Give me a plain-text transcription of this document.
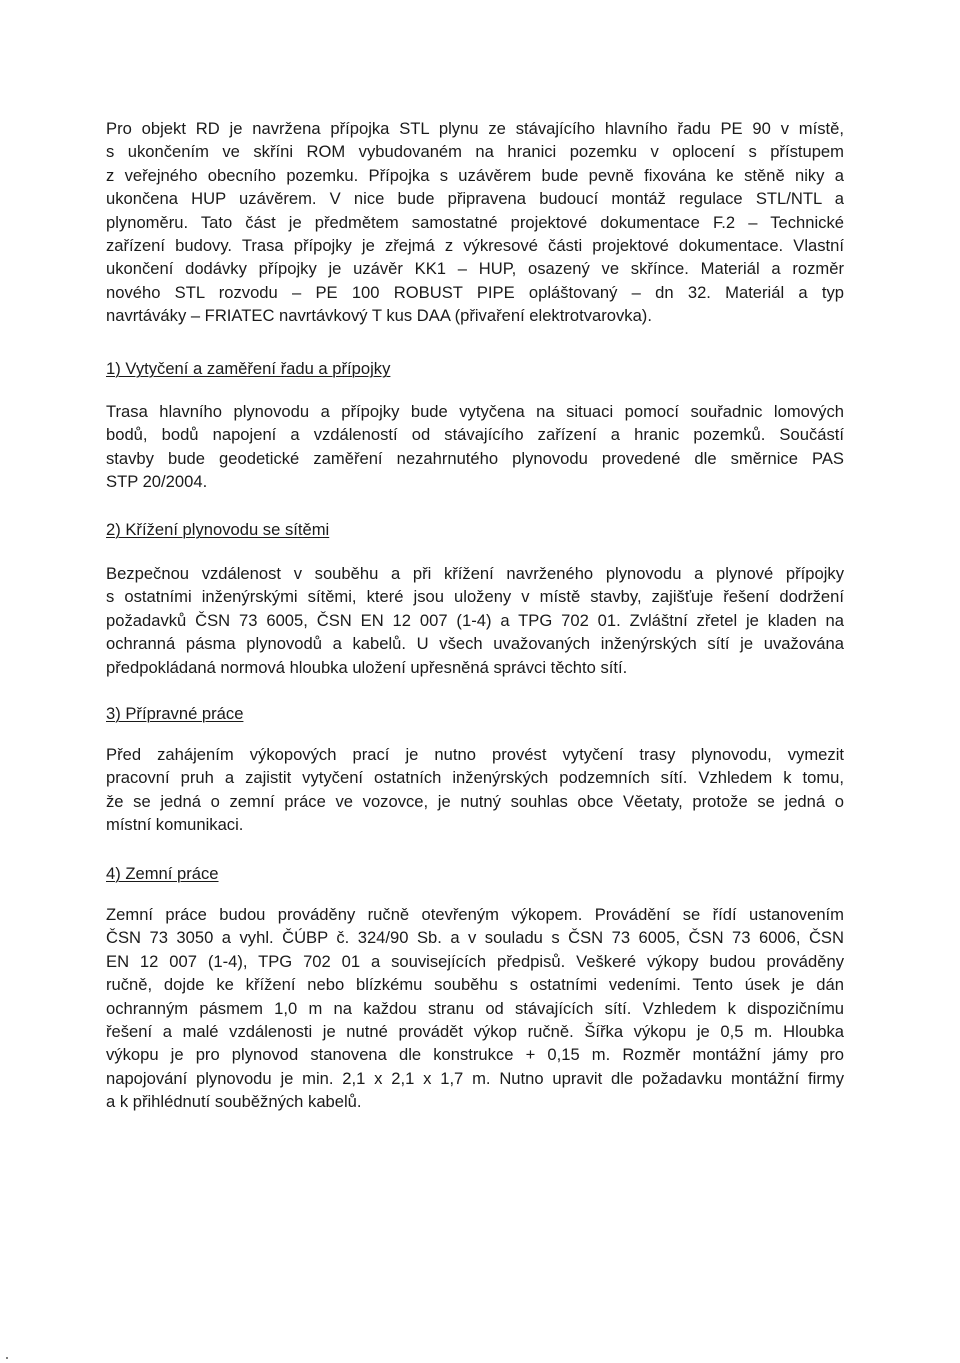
Pro objekt RD je navržena přípojka STL plynu ze stávajícího hlavního řadu PE 90 v místě,
s ukončením ve skříni ROM vybudovaném na hranici pozemku v oplocení s přístupem
z veřejného obecního pozemku. Přípojka s uzávěrem bude pevně fixována ke stěně niky a
ukončena HUP uzávěrem. V nice bude připravena budoucí montáž regulace STL/NTL a
plynoměru. Tato část je předmětem samostatné projektové dokumentace F.2 – Technické
zařízení budovy. Trasa přípojky je zřejmá z výkresové části projektové dokumentace. Vlastní
ukončení dodávky přípojky je uzávěr KK1 – HUP, osazený ve skřínce. Materiál a rozměr
nového STL rozvodu – PE 100 ROBUST PIPE opláštovaný – dn 32. Materiál a typ
navrtáváky – FRIATEC navrtávkový T kus DAA (přivaření elektrotvarovka).

1) Vytyčení a zaměření řadu a přípojky

Trasa hlavního plynovodu a přípojky bude vytyčena na situaci pomocí souřadnic lomových
bodů, bodů napojení a vzdáleností od stávajícího zařízení a hranic pozemků. Součástí
stavby bude geodetické zaměření nezahrnutého plynovodu provedené dle směrnice PAS
STP 20/2004.

2) Křížení plynovodu se sítěmi

Bezpečnou vzdálenost v souběhu a při křížení navrženého plynovodu a plynové přípojky
s ostatními inženýrskými sítěmi, které jsou uloženy v místě stavby, zajišťuje řešení dodržení
požadavků ČSN 73 6005, ČSN EN 12 007 (1-4) a TPG 702 01. Zvláštní zřetel je kladen na
ochranná pásma plynovodů a kabelů. U všech uvažovaných inženýrských sítí je uvažována
předpokládaná normová hloubka uložení upřesněná správci těchto sítí.

3) Přípravné práce

Před zahájením výkopových prací je nutno provést vytyčení trasy plynovodu, vymezit
pracovní pruh a zajistit vytyčení ostatních inženýrských podzemních sítí. Vzhledem k tomu,
že se jedná o zemní práce ve vozovce, je nutný souhlas obce Věetaty, protože se jedná o
místní komunikaci.

4) Zemní práce

Zemní práce budou prováděny ručně otevřeným výkopem. Provádění se řídí ustanovením
ČSN 73 3050 a vyhl. ČÚBP č. 324/90 Sb. a v souladu s ČSN 73 6005, ČSN 73 6006, ČSN
EN 12 007 (1-4), TPG 702 01 a souvisejících předpisů. Veškeré výkopy budou prováděny
ručně, dojde ke křížení nebo blízkému souběhu s ostatními vedeními. Tento úsek je dán
ochranným pásmem 1,0 m na každou stranu od stávajících sítí. Vzhledem k dispozičnímu
řešení a malé vzdálenosti je nutné provádět výkop ručně. Šířka výkopu je 0,5 m. Hloubka
výkopu je pro plynovod stanovena dle konstrukce + 0,15 m. Rozměr montážní jámy pro
napojování plynovodu je min. 2,1 x 2,1 x 1,7 m. Nutno upravit dle požadavku montážní firmy
a k přihlédnutí souběžných kabelů.
